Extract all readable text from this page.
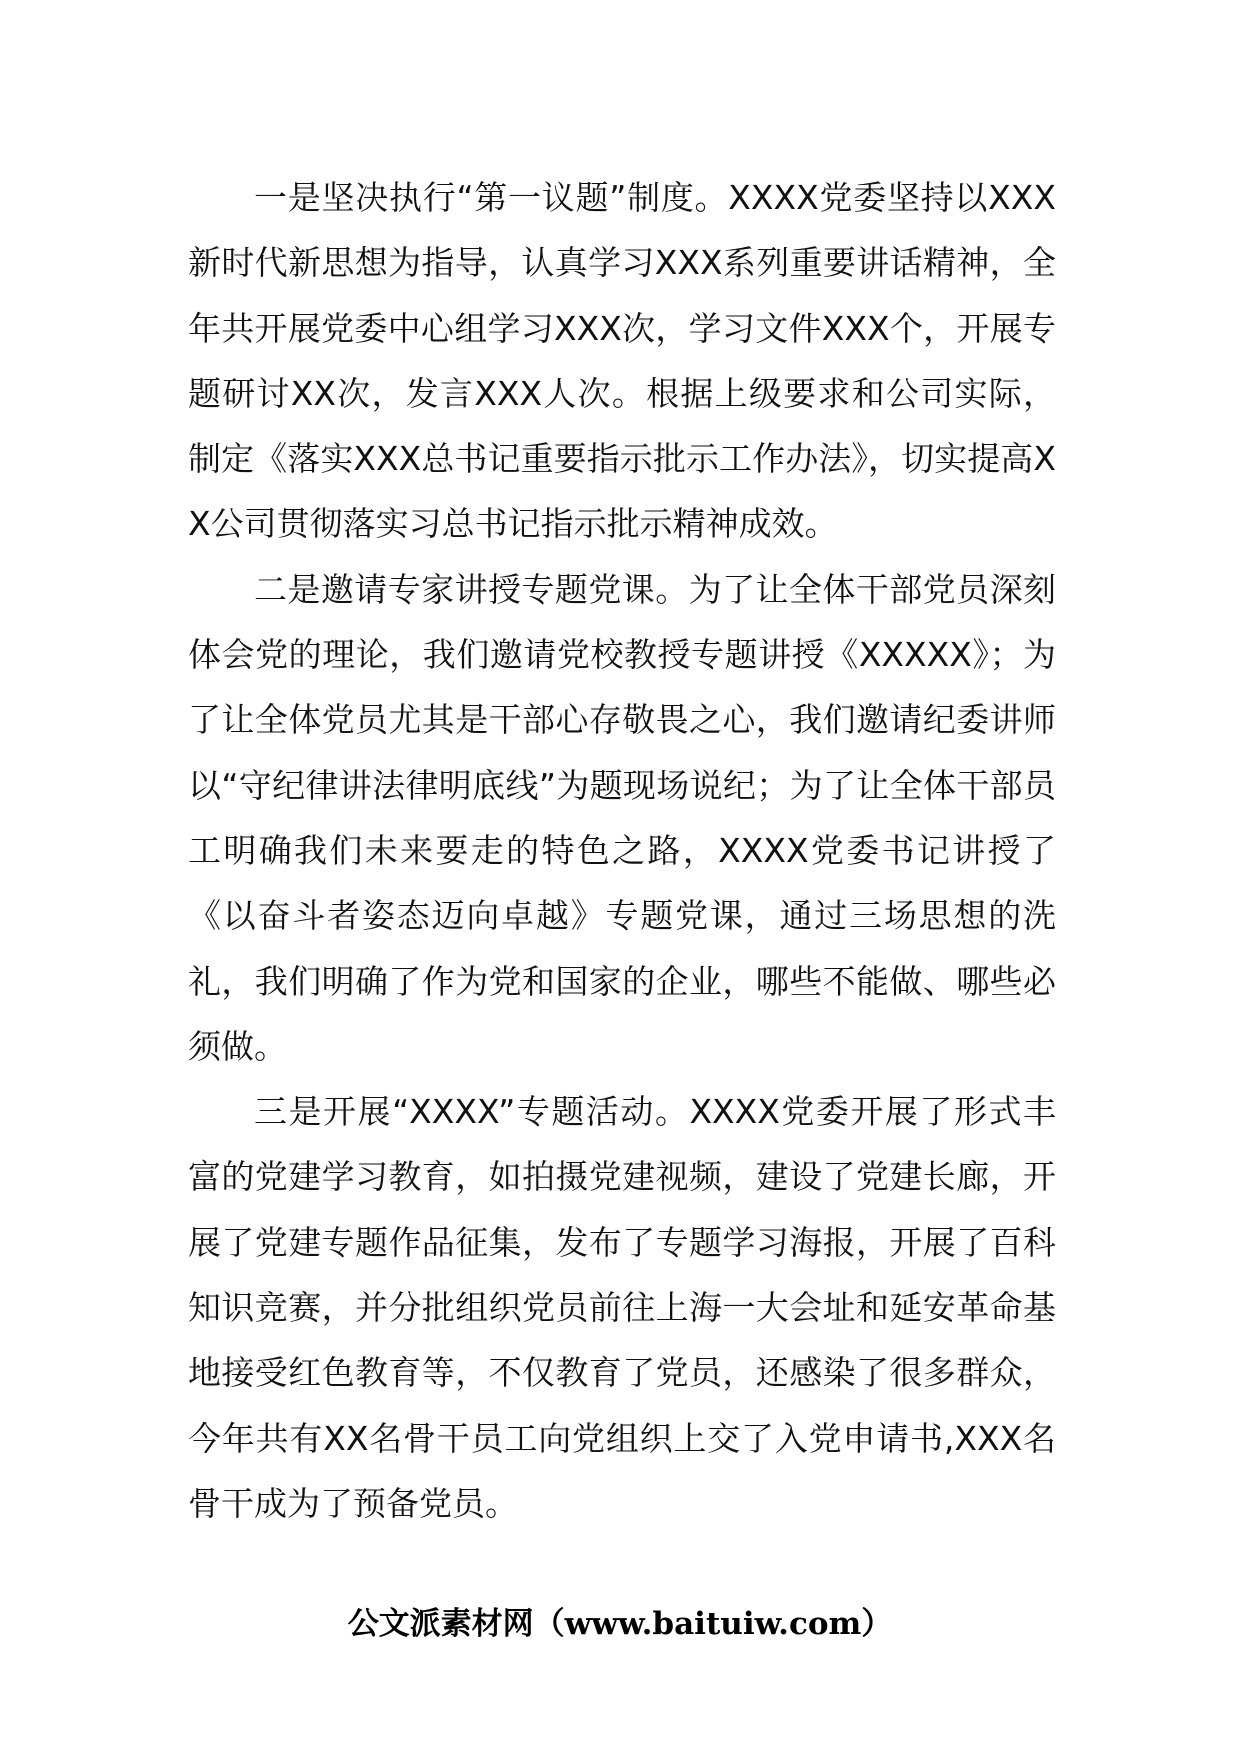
一是坚决执行“第一议题”制度。XXXX党委坚持以XXX新时代新思想为指导，认真学习XXX系列重要讲话精神，全年共开展党委中心组学习XXX次，学习文件XXX个，开展专题研讨XX次，发言XXX人次。根据上级要求和公司实际，制定《落实XXX总书记重要指示批示工作办法》，切实提高XX公司贯彻落实习总书记指示批示精神成效。

二是邀请专家讲授专题党课。为了让全体干部党员深刻体会党的理论，我们邀请党校教授专题讲授《XXXXX》；为了让全体党员尤其是干部心存敬畏之心，我们邀请纪委讲师以“守纪律讲法律明底线”为题现场说纪；为了让全体干部员工明确我们未来要走的特色之路，XXXX党委书记讲授了《以奋斗者姿态迈向卓越》专题党课，通过三场思想的洗礼，我们明确了作为党和国家的企业，哪些不能做、哪些必须做。

三是开展“XXXX”专题活动。XXXX党委开展了形式丰富的党建学习教育，如拍摄党建视频，建设了党建长廊，开展了党建专题作品征集，发布了专题学习海报，开展了百科知识竞赛，并分批组织党员前往上海一大会址和延安革命基地接受红色教育等，不仅教育了党员，还感染了很多群众，今年共有XX名骨干员工向党组织上交了入党申请书,XXX名骨干成为了预备党员。

公文派素材网（www.baituiw.com）
